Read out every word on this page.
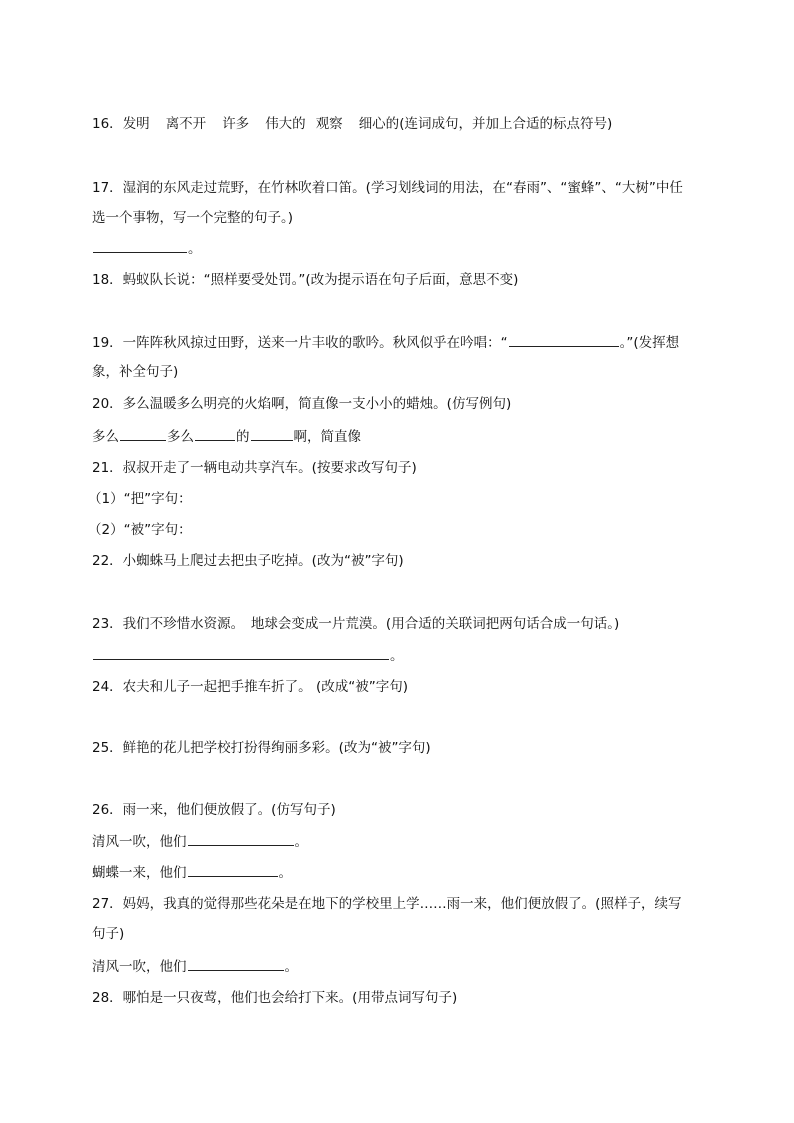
16．发明 离不开 许多 伟大的 观察 细心的(连词成句，并加上合适的标点符号)
17．湿润的东风走过荒野，在竹林吹着口笛。(学习划线词的用法，在“春雨”、“蜜蜂”、“大树”中任
选一个事物，写一个完整的句子。)
。
18．蚂蚁队长说：“照样要受处罚。”(改为提示语在句子后面，意思不变)
19．一阵阵秋风掠过田野，送来一片丰收的歌吟。秋风似乎在吟唱：“	。”(发挥想
象，补全句子)
20．多么温暖多么明亮的火焰啊，简直像一支小小的蜡烛。(仿写例句)
多么	多么	的	啊，简直像
21．叔叔开走了一辆电动共享汽车。(按要求改写句子)
（1）“把”字句：
（2）“被”字句：
22．小蜘蛛马上爬过去把虫子吃掉。(改为“被”字句)
23．我们不珍惜水资源。　地球会变成一片荒漠。(用合适的关联词把两句话合成一句话。)
。
24．农夫和儿子一起把手推车折了。 (改成“被”字句)
25．鲜艳的花儿把学校打扮得绚丽多彩。(改为“被”字句)
26．雨一来，他们便放假了。(仿写句子)
清风一吹，他们	。
蝴蝶一来，他们	。
27．妈妈，我真的觉得那些花朵是在地下的学校里上学……雨一来，他们便放假了。(照样子，续写
句子)
清风一吹，他们	。
28．哪怕是一只夜莺，他们也会给打下来。(用带点词写句子)
